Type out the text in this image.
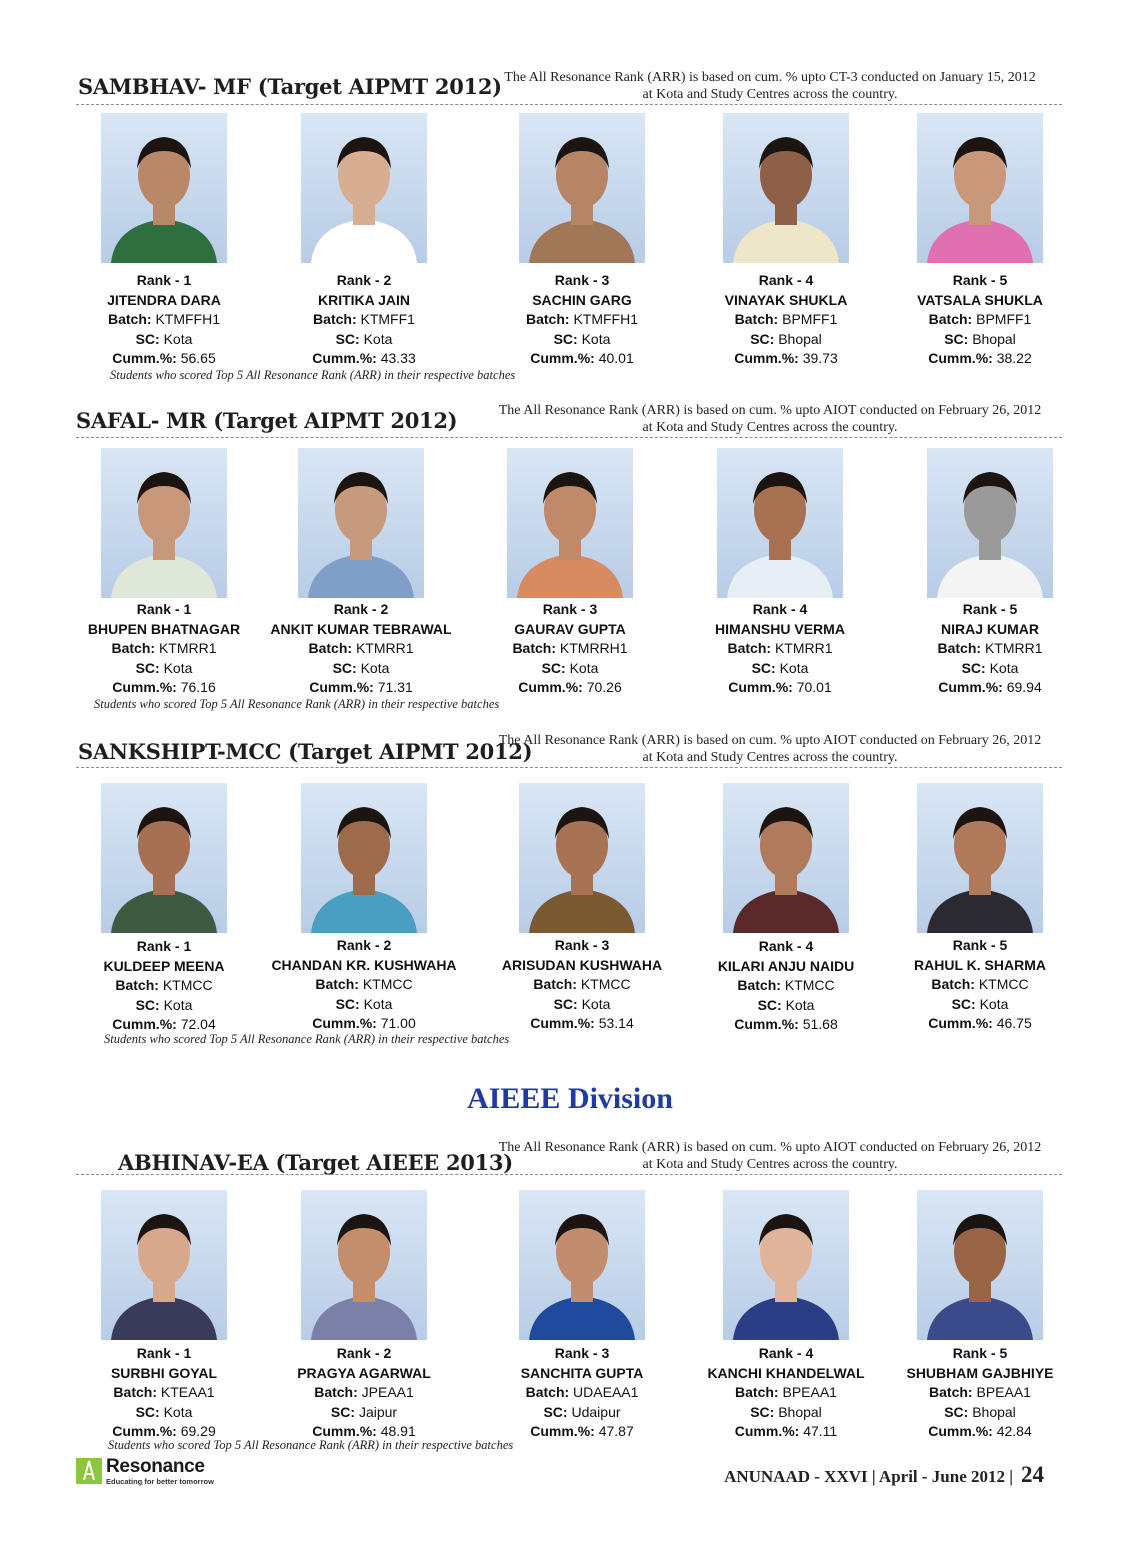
SAMBHAV- MF (Target AIPMT 2012) The All Resonance Rank (ARR) is based on cum. % upto CT-3 conducted on January 15, 2012
at Kota and Study Centres across the country.
Rank - 1
JITENDRA DARA
Batch: KTMFFH1
SC: Kota
Cumm.%: 56.65
Rank - 2
KRITIKA JAIN
Batch: KTMFF1
SC: Kota
Cumm.%: 43.33
Rank - 3
SACHIN GARG
Batch: KTMFFH1
SC: Kota
Cumm.%: 40.01
Rank - 4
VINAYAK SHUKLA
Batch: BPMFF1
SC: Bhopal
Cumm.%: 39.73
Rank - 5
VATSALA SHUKLA
Batch: BPMFF1
SC: Bhopal
Cumm.%: 38.22
Students who scored Top 5 All Resonance Rank (ARR) in their respective batches
SAFAL- MR (Target AIPMT 2012)	The All Resonance Rank (ARR) is based on cum. % upto AIOT conducted on February 26, 2012
at Kota and Study Centres across the country.
Rank - 1
BHUPEN BHATNAGAR
Batch: KTMRR1
SC: Kota
Cumm.%: 76.16
Rank - 2
ANKIT KUMAR TEBRAWAL
Batch: KTMRR1
SC: Kota
Cumm.%: 71.31
Rank - 3
GAURAV GUPTA
Batch: KTMRRH1
SC: Kota
Cumm.%: 70.26
Rank - 4
HIMANSHU VERMA
Batch: KTMRR1
SC: Kota
Cumm.%: 70.01
Rank - 5
NIRAJ KUMAR
Batch: KTMRR1
SC: Kota
Cumm.%: 69.94
Students who scored Top 5 All Resonance Rank (ARR) in their respective batches
SANKSHIPT-MCC (Target AIPMT 2012)
The All Resonance Rank (ARR) is based on cum. % upto AIOT conducted on February 26, 2012
at Kota and Study Centres across the country.
Rank - 1
KULDEEP MEENA
Batch: KTMCC
SC: Kota
Cumm.%: 72.04
Rank - 2
CHANDAN KR. KUSHWAHA
Batch: KTMCC
SC: Kota
Cumm.%: 71.00
Rank - 3
ARISUDAN KUSHWAHA
Batch: KTMCC
SC: Kota
Cumm.%: 53.14
Rank - 4
KILARI ANJU NAIDU
Batch: KTMCC
SC: Kota
Cumm.%: 51.68
Rank - 5
RAHUL K. SHARMA
Batch: KTMCC
SC: Kota
Cumm.%: 46.75
Students who scored Top 5 All Resonance Rank (ARR) in their respective batches
AIEEE Division
ABHINAV-EA (Target AIEEE 2013)
The All Resonance Rank (ARR) is based on cum. % upto AIOT conducted on February 26, 2012
at Kota and Study Centres across the country.
Rank - 1
SURBHI GOYAL
Batch: KTEAA1
SC: Kota
Cumm.%: 69.29
Rank - 2
PRAGYA AGARWAL
Batch: JPEAA1
SC: Jaipur
Cumm.%: 48.91
Rank - 3
SANCHITA GUPTA
Batch: UDAEAA1
SC: Udaipur
Cumm.%: 47.87
Rank - 4
KANCHI KHANDELWAL
Batch: BPEAA1
SC: Bhopal
Cumm.%: 47.11
Rank - 5
SHUBHAM GAJBHIYE
Batch: BPEAA1
SC: Bhopal
Cumm.%: 42.84
Students who scored Top 5 All Resonance Rank (ARR) in their respective batches
Resonance
Educating for better tomorrow	ANUNAAD - XXVI | April - June 2012 | 24
